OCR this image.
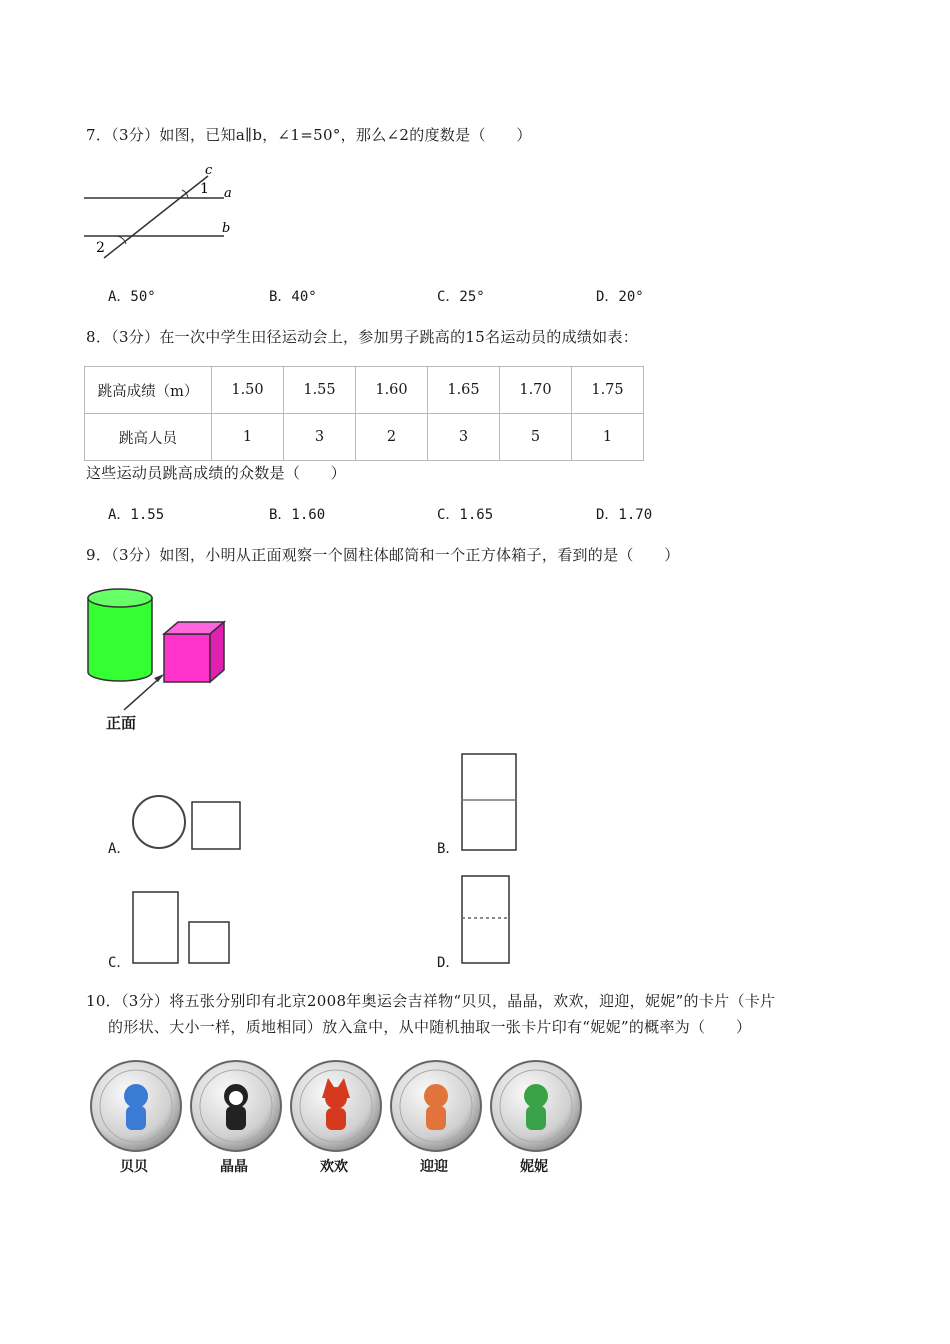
7．（3分）如图，已知a∥b，∠1=50°，那么∠2的度数是（　　）
c
a
b
1
2
A．50°	B．40°	C．25°	D．20°
8．（3分）在一次中学生田径运动会上，参加男子跳高的15名运动员的成绩如表：
跳高成绩（m）	1.50	1.55	1.60	1.65	1.70	1.75
跳高人员	1	3	2	3	5	1
这些运动员跳高成绩的众数是（　　）
A．1.55	B．1.60	C．1.65	D．1.70
9．（3分）如图，小明从正面观察一个圆柱体邮筒和一个正方体箱子，看到的是（　　）
正面
A．	B．
C．	D．
10．（3分）将五张分别印有北京2008年奥运会吉祥物“贝贝，晶晶，欢欢，迎迎，妮妮”的卡片（卡片
的形状、大小一样，质地相同）放入盒中，从中随机抽取一张卡片印有“妮妮”的概率为（　　）
贝贝	晶晶	欢欢	迎迎	妮妮
